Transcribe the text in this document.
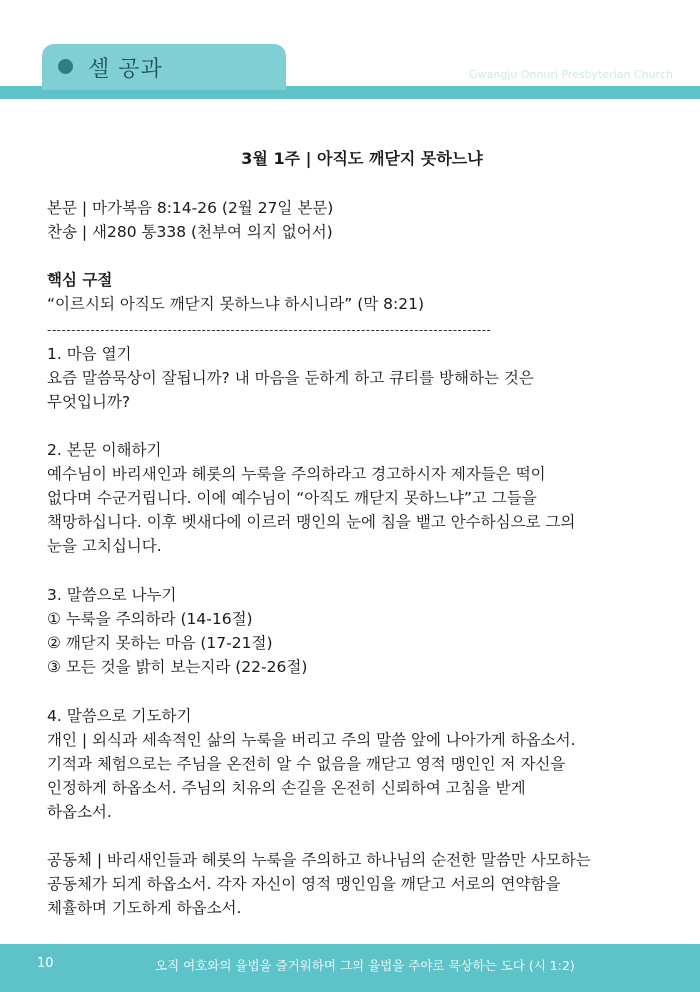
셀 공과	Gwangju Onnuri Presbyterian Church
3월 1주 | 아직도 깨닫지 못하느냐
본문 | 마가복음 8:14-26 (2월 27일 본문)
찬송 | 새280 통338 (천부여 의지 없어서)
핵심 구절
“이르시되 아직도 깨닫지 못하느냐 하시니라” (막 8:21)
--------------------------------------------------------------------------------------------
1. 마음 열기
요즘 말씀묵상이 잘됩니까? 내 마음을 둔하게 하고 큐티를 방해하는 것은
무엇입니까?
2. 본문 이해하기
예수님이 바리새인과 헤롯의 누룩을 주의하라고 경고하시자 제자들은 떡이
없다며 수군거립니다. 이에 예수님이 “아직도 깨닫지 못하느냐”고 그들을
책망하십니다. 이후 벳새다에 이르러 맹인의 눈에 침을 뱉고 안수하심으로 그의
눈을 고치십니다.
3. 말씀으로 나누기
① 누룩을 주의하라 (14-16절)
② 깨닫지 못하는 마음 (17-21절)
③ 모든 것을 밝히 보는지라 (22-26절)
4. 말씀으로 기도하기
개인 | 외식과 세속적인 삶의 누룩을 버리고 주의 말씀 앞에 나아가게 하옵소서.
기적과 체험으로는 주님을 온전히 알 수 없음을 깨닫고 영적 맹인인 저 자신을
인정하게 하옵소서. 주님의 치유의 손길을 온전히 신뢰하여 고침을 받게
하옵소서.
공동체 | 바리새인들과 헤롯의 누룩을 주의하고 하나님의 순전한 말씀만 사모하는
공동체가 되게 하옵소서. 각자 자신이 영적 맹인임을 깨닫고 서로의 연약함을
체휼하며 기도하게 하옵소서.
10	오직 여호와의 율법을 즐거워하며 그의 율법을 주야로 묵상하는 도다 (시 1:2)
